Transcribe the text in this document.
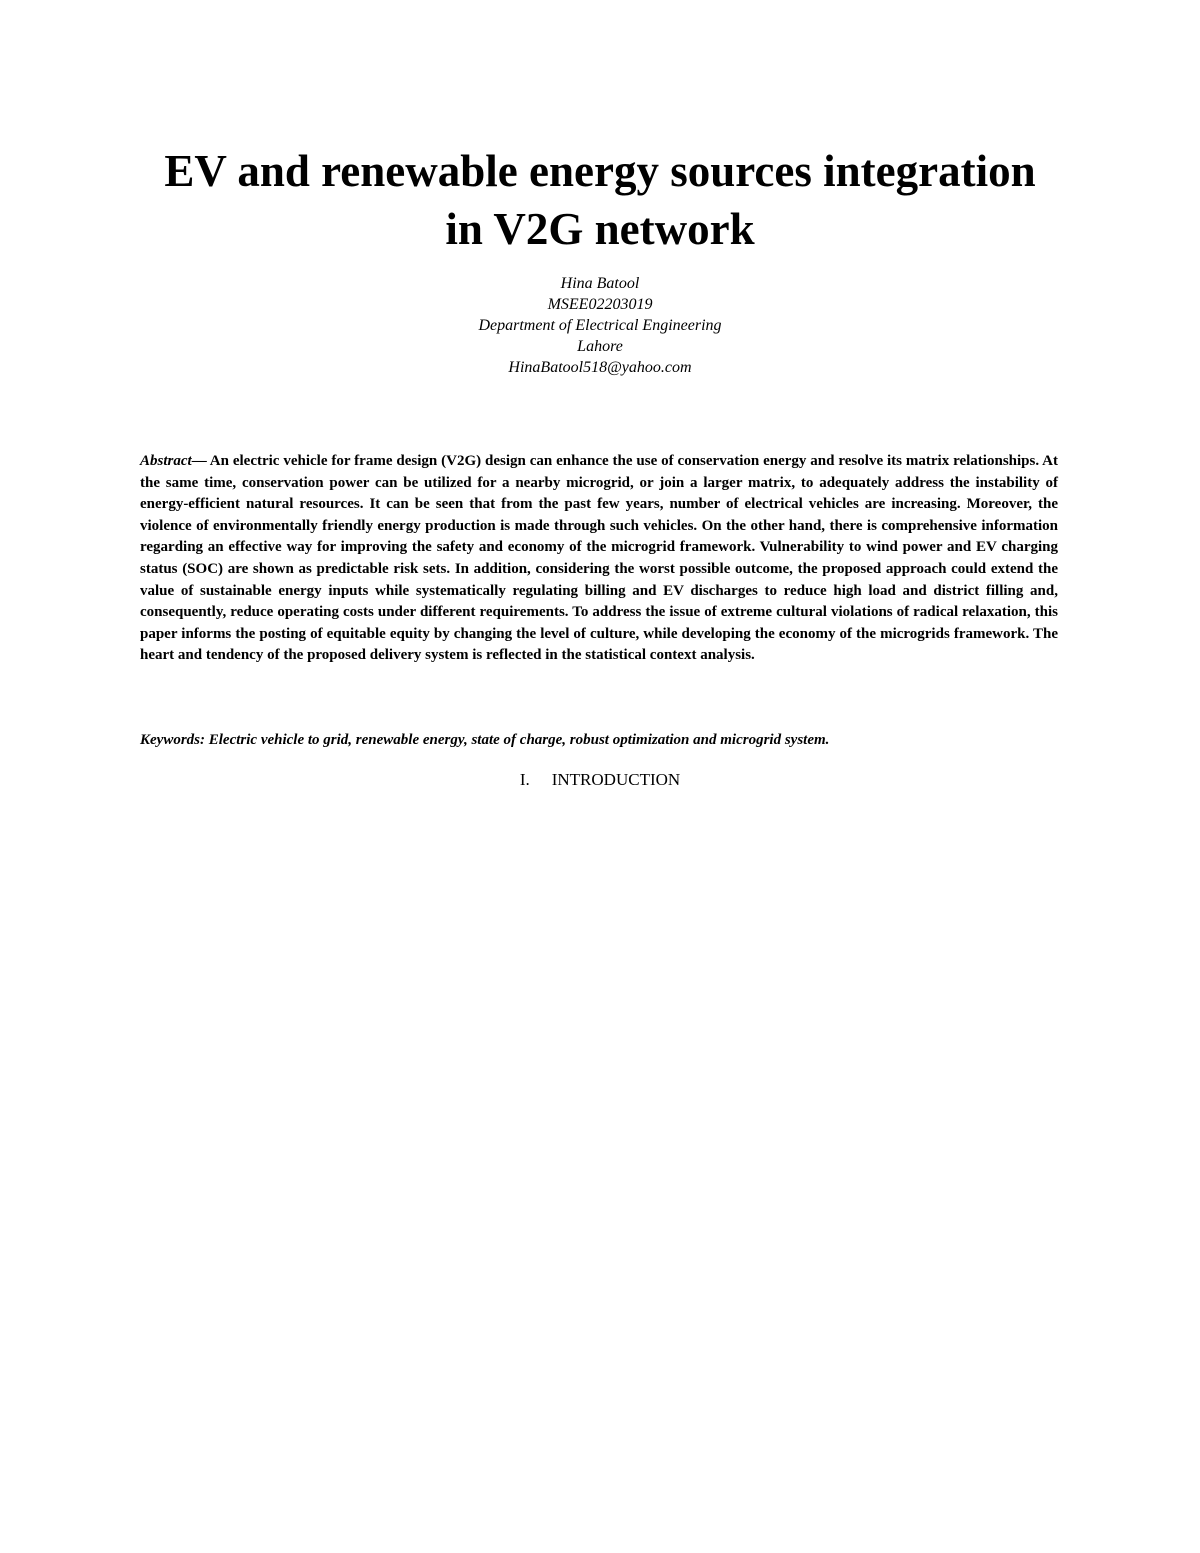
EV and renewable energy sources integration
in V2G network
Hina Batool
MSEE02203019
Department of Electrical Engineering
Lahore
HinaBatool518@yahoo.com

Abstract— An electric vehicle for frame design (V2G) design can enhance the use of conservation energy and resolve its matrix relationships. At the same time, conservation power can be utilized for a nearby microgrid, or join a larger matrix, to adequately address the instability of energy-efficient natural resources. It can be seen that from the past few years, number of electrical vehicles are increasing. Moreover, the violence of environmentally friendly energy production is made through such vehicles. On the other hand, there is comprehensive information regarding an effective way for improving the safety and economy of the microgrid framework. Vulnerability to wind power and EV charging status (SOC) are shown as predictable risk sets. In addition, considering the worst possible outcome, the proposed approach could extend the value of sustainable energy inputs while systematically regulating billing and EV discharges to reduce high load and district filling and, consequently, reduce operating costs under different requirements. To address the issue of extreme cultural violations of radical relaxation, this paper informs the posting of equitable equity by changing the level of culture, while developing the economy of the microgrids framework. The heart and tendency of the proposed delivery system is reflected in the statistical context analysis.

Keywords: Electric vehicle to grid, renewable energy, state of charge, robust optimization and microgrid system.

I. INTRODUCTION
